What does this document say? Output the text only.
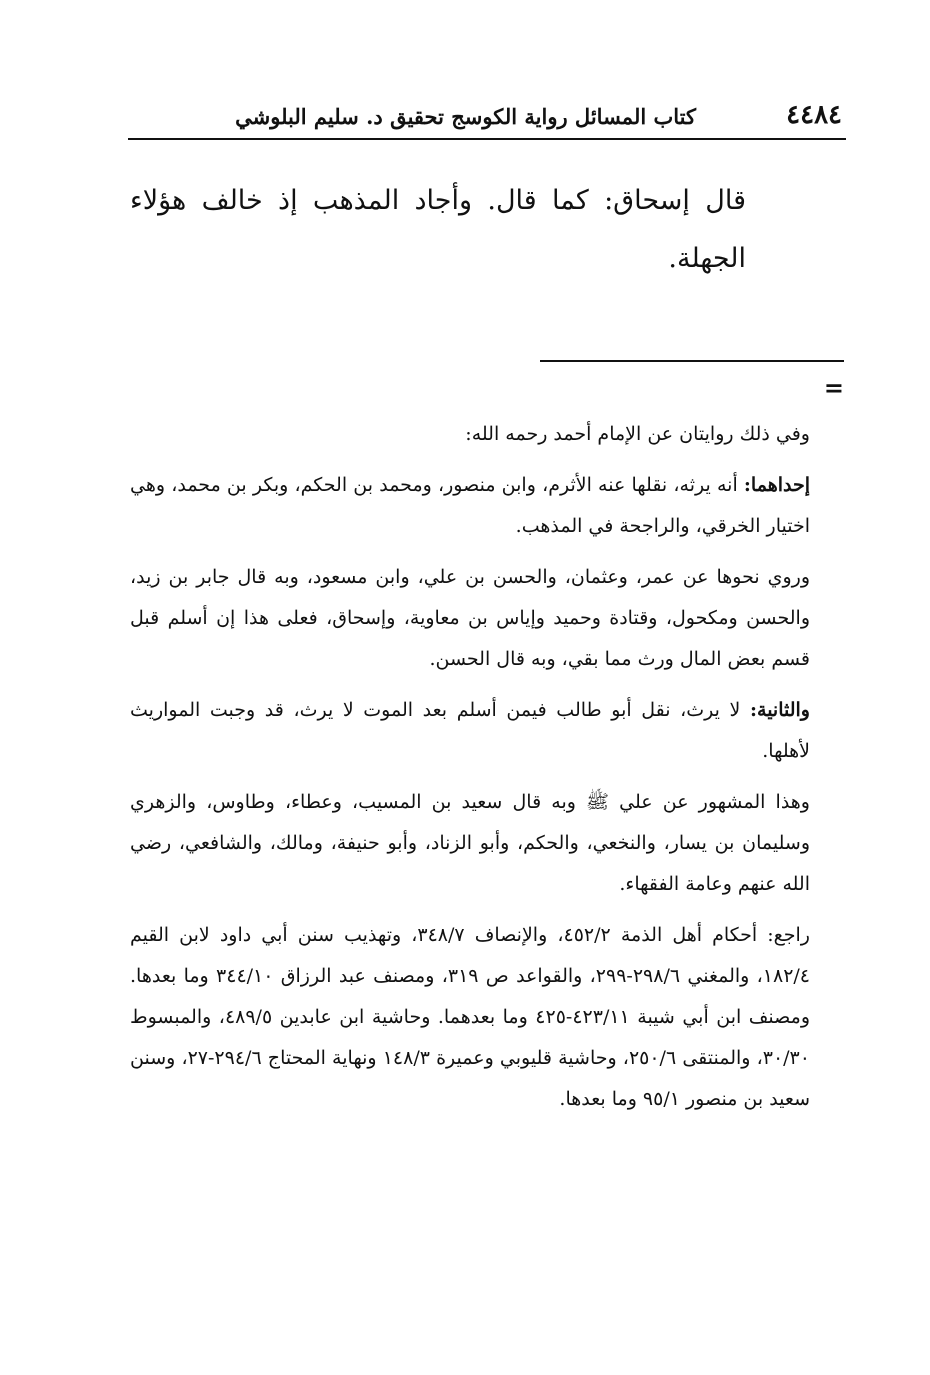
٤٤٨٤
كتاب المسائل رواية الكوسج تحقيق د. سليم البلوشي
قال إسحاق: كما قال. وأجاد المذهب إذ خالف هؤلاء الجهلة.
=

وفي ذلك روايتان عن الإمام أحمد رحمه الله:

إحداهما: أنه يرثه، نقلها عنه الأثرم، وابن منصور، ومحمد بن الحكم، وبكر بن محمد، وهي اختيار الخرقي، والراجحة في المذهب.

وروي نحوها عن عمر، وعثمان، والحسن بن علي، وابن مسعود، وبه قال جابر بن زيد، والحسن ومكحول، وقتادة وحميد وإياس بن معاوية، وإسحاق، فعلى هذا إن أسلم قبل قسم بعض المال ورث مما بقي، وبه قال الحسن.

والثانية: لا يرث، نقل أبو طالب فيمن أسلم بعد الموت لا يرث، قد وجبت المواريث لأهلها.

وهذا المشهور عن علي ﷺ وبه قال سعيد بن المسيب، وعطاء، وطاوس، والزهري وسليمان بن يسار، والنخعي، والحكم، وأبو الزناد، وأبو حنيفة، ومالك، والشافعي، رضي الله عنهم وعامة الفقهاء.

راجع: أحكام أهل الذمة ٤٥٢/٢، والإنصاف ٣٤٨/٧، وتهذيب سنن أبي داود لابن القيم ١٨٢/٤، والمغني ٢٩٨/٦-٢٩٩، والقواعد ص ٣١٩، ومصنف عبد الرزاق ٣٤٤/١٠ وما بعدها. ومصنف ابن أبي شيبة ٤٢٣/١١-٤٢٥ وما بعدهما. وحاشية ابن عابدين ٤٨٩/٥، والمبسوط ٣٠/٣٠، والمنتقى ٢٥٠/٦، وحاشية قليوبي وعميرة ١٤٨/٣ ونهاية المحتاج ٢٩٤/٦-٢٧، وسنن سعيد بن منصور ٩٥/١ وما بعدها.
